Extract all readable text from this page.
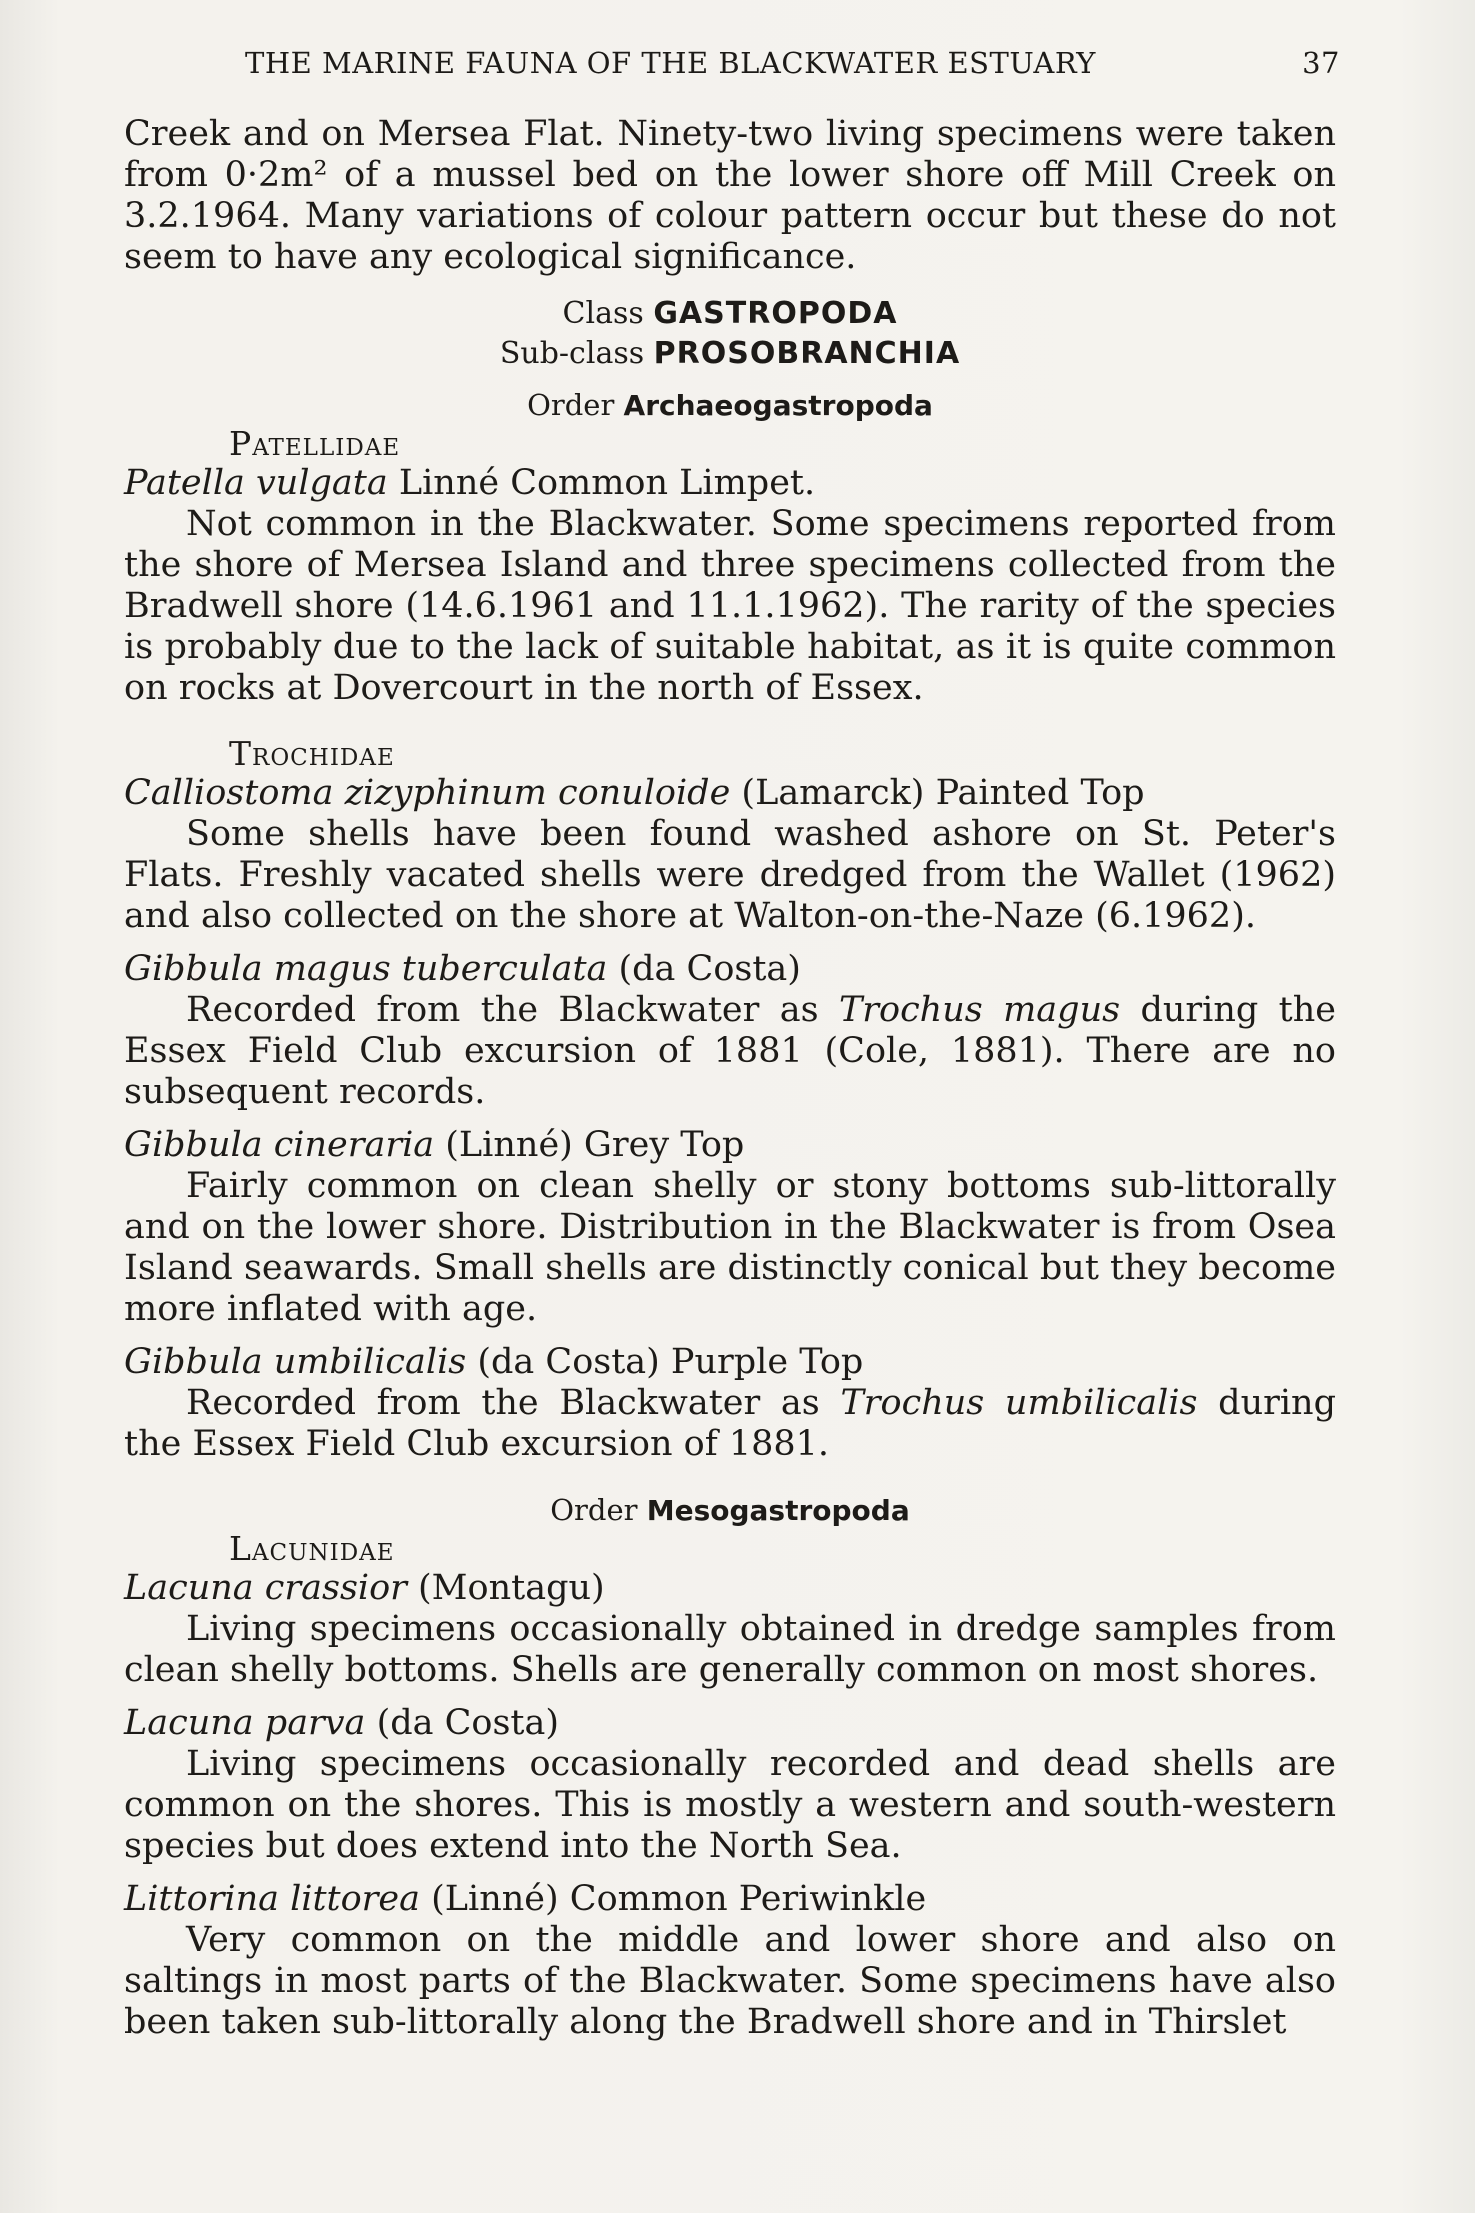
THE MARINE FAUNA OF THE BLACKWATER ESTUARY	37

Creek and on Mersea Flat. Ninety-two living specimens were taken from 0·2m² of a mussel bed on the lower shore off Mill Creek on 3.2.1964. Many variations of colour pattern occur but these do not seem to have any ecological significance.

Class GASTROPODA
Sub-class PROSOBRANCHIA
Order Archaeogastropoda

Patellidae

Patella vulgata Linné Common Limpet.

Not common in the Blackwater. Some specimens reported from the shore of Mersea Island and three specimens collected from the Bradwell shore (14.6.1961 and 11.1.1962). The rarity of the species is probably due to the lack of suitable habitat, as it is quite common on rocks at Dovercourt in the north of Essex.

Trochidae

Calliostoma zizyphinum conuloide (Lamarck) Painted Top

Some shells have been found washed ashore on St. Peter's Flats. Freshly vacated shells were dredged from the Wallet (1962) and also collected on the shore at Walton-on-the-Naze (6.1962).

Gibbula magus tuberculata (da Costa)

Recorded from the Blackwater as Trochus magus during the Essex Field Club excursion of 1881 (Cole, 1881). There are no subsequent records.

Gibbula cineraria (Linné) Grey Top

Fairly common on clean shelly or stony bottoms sub-littorally and on the lower shore. Distribution in the Blackwater is from Osea Island seawards. Small shells are distinctly conical but they become more inflated with age.

Gibbula umbilicalis (da Costa) Purple Top

Recorded from the Blackwater as Trochus umbilicalis during the Essex Field Club excursion of 1881.

Order Mesogastropoda

Lacunidae

Lacuna crassior (Montagu)

Living specimens occasionally obtained in dredge samples from clean shelly bottoms. Shells are generally common on most shores.

Lacuna parva (da Costa)

Living specimens occasionally recorded and dead shells are common on the shores. This is mostly a western and south-western species but does extend into the North Sea.

Littorina littorea (Linné) Common Periwinkle

Very common on the middle and lower shore and also on saltings in most parts of the Blackwater. Some specimens have also been taken sub-littorally along the Bradwell shore and in Thirslet
